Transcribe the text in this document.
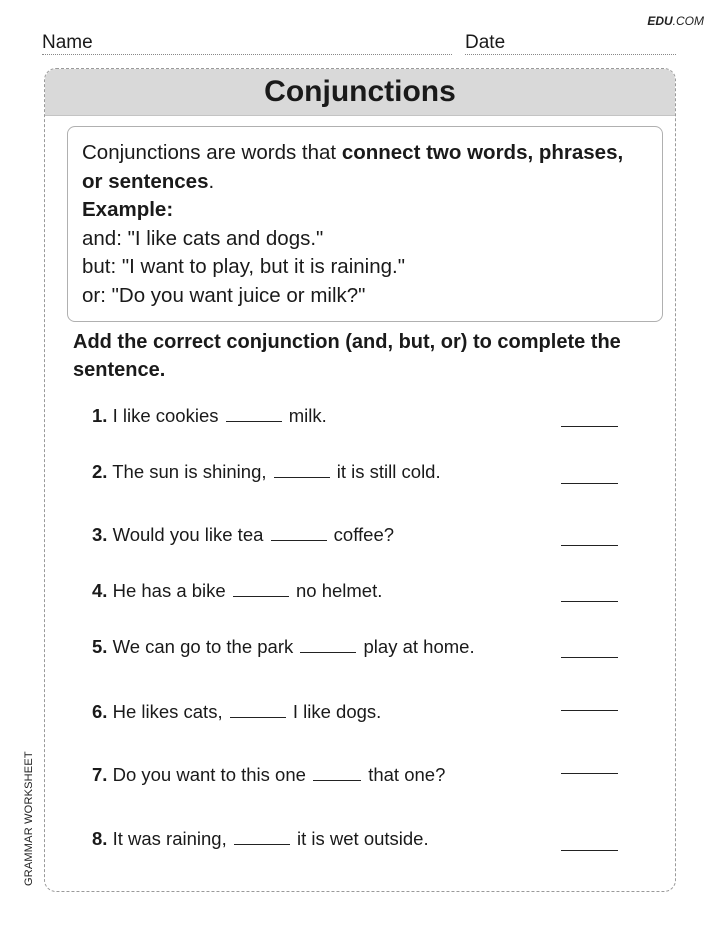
EDU.COM
Name	Date
GRAMMAR WORKSHEET
Conjunctions
Conjunctions are words that connect two words, phrases, or sentences.
Example:
and: "I like cats and dogs."
but: "I want to play, but it is raining."
or: "Do you want juice or milk?"
Add the correct conjunction (and, but, or) to complete the sentence.
1. I like cookies	milk.
2. The sun is shining,	it is still cold.
3. Would you like tea	coffee?
4. He has a bike	no helmet.
5. We can go to the park	play at home.
6. He likes cats,	I like dogs.
7. Do you want to this one	that one?
8. It was raining,	it is wet outside.
